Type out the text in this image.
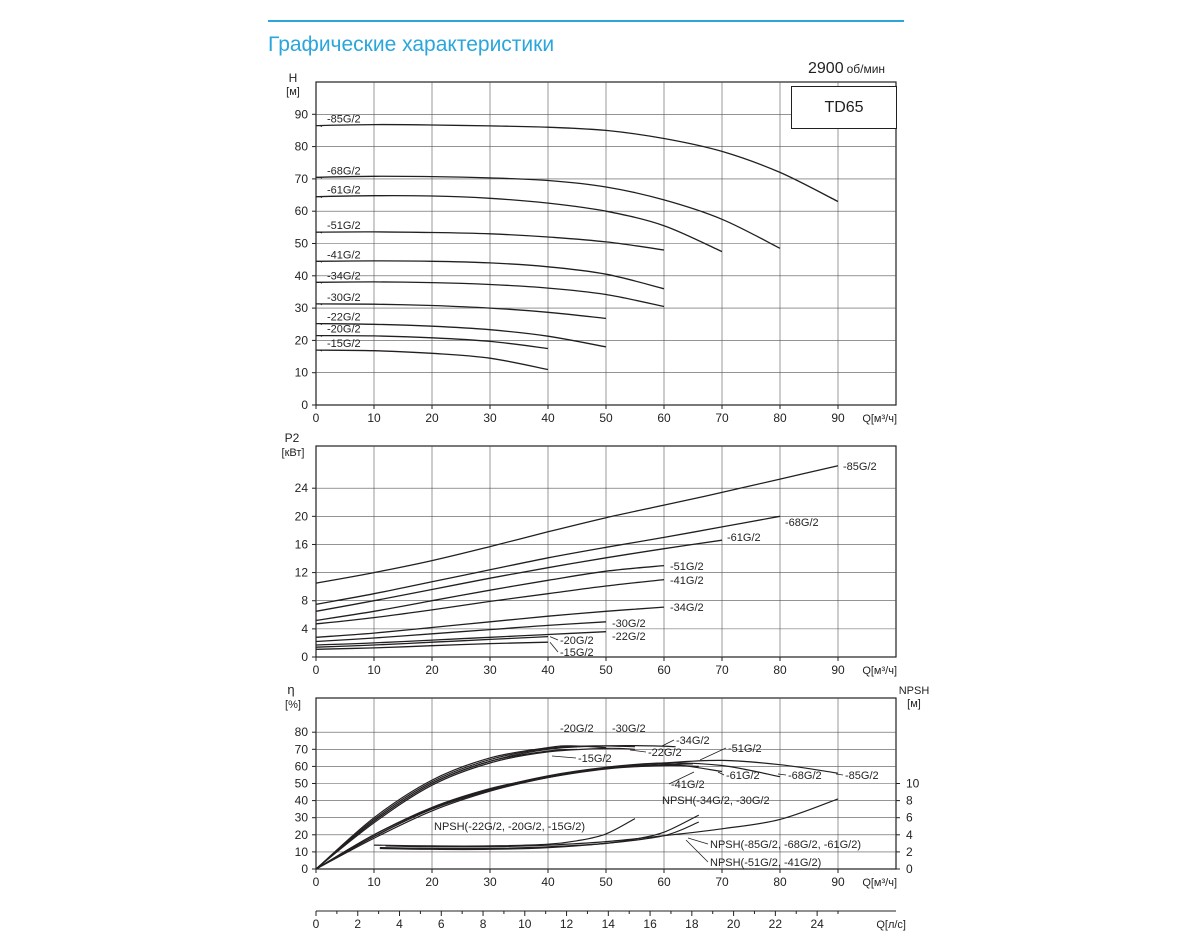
Графические характеристики
2900 об/мин
0	10	20	30	40	50	60	70	80	90
0
10
20
30
40
50
60
70
80
90
Q[м³/ч]
H
[м]
-85G/2
-68G/2
-61G/2
-51G/2
-41G/2
-34G/2
-30G/2
-22G/2
-20G/2
-15G/2
0	10	20	30	40	50	60	70	80	90
0
4
8
12
16
20
24
Q[м³/ч]
P2
[кВт]
-85G/2
-68G/2
-61G/2
-51G/2
-41G/2
-34G/2
-30G/2
-22G/2
-20G/2
-15G/2
0	10	20	30	40	50	60	70	80	90
0
10
20
30
40
50
60
70
80
Q[м³/ч]
η
[%]
NPSH
[м]
0
2
4
6
8
10
0	2	4	6	8	10 12 14 16 18 20 22 24	Q[л/с]
-20G/2
-15G/2
-30G/2
-22G/2
-34G/2
-51G/2
-41G/2
-61G/2	-68G/2 -85G/2
NPSH(-22G/2, -20G/2, -15G/2)
NPSH(-34G/2, -30G/2
NPSH(-51G/2, -41G/2)
NPSH(-85G/2, -68G/2, -61G/2)
TD65
